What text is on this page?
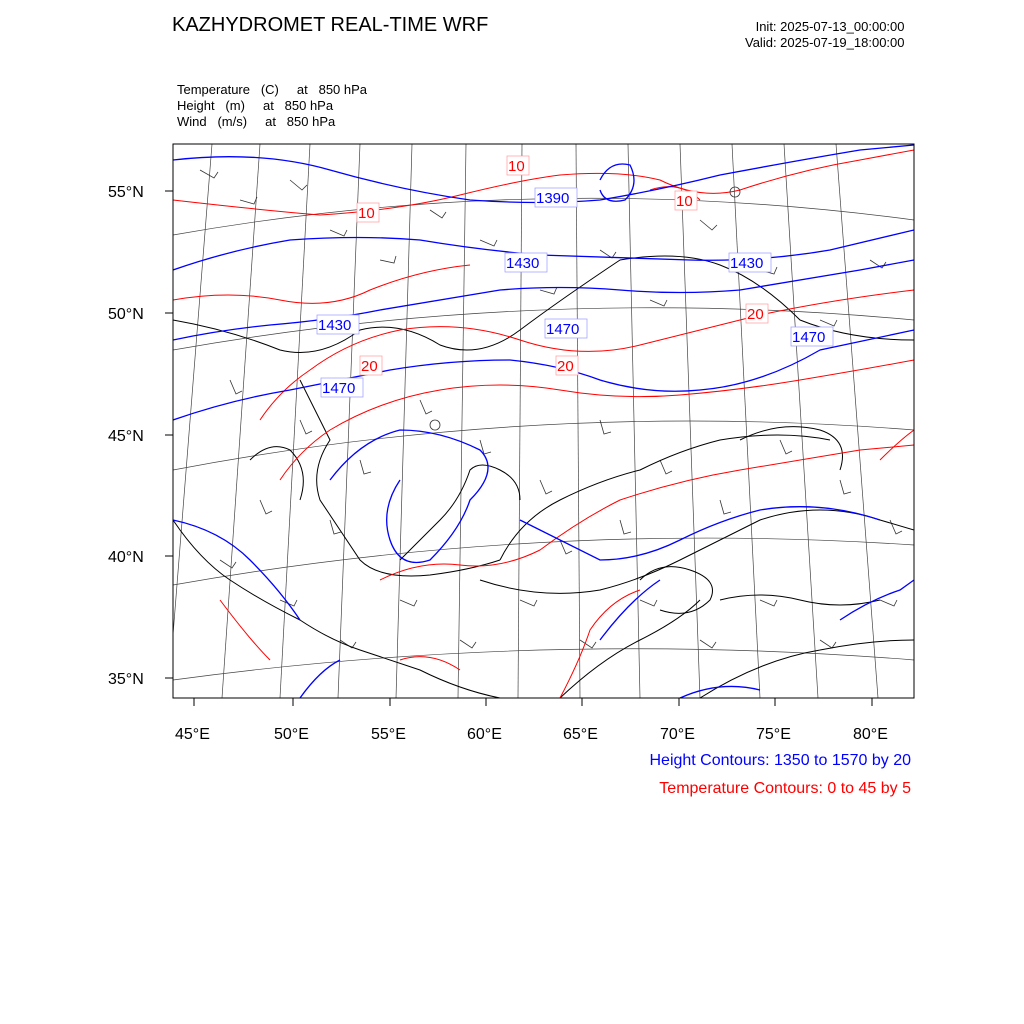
KAZHYDROMET REAL-TIME WRF	Init: 2025-07-13_00:00:00
Valid: 2025-07-19_18:00:00
Temperature   (C)     at   850 hPa
Height   (m)     at   850 hPa
Wind   (m/s)     at   850 hPa
1390
1430
1430
1430
1470	1470
1470
10
10
10
20	20
20
55°N
50°N
45°N
40°N
35°N
45°E	50°E	55°E	60°E	65°E	70°E	75°E	80°E
Height Contours: 1350 to 1570 by 20
Temperature Contours: 0 to 45 by 5
